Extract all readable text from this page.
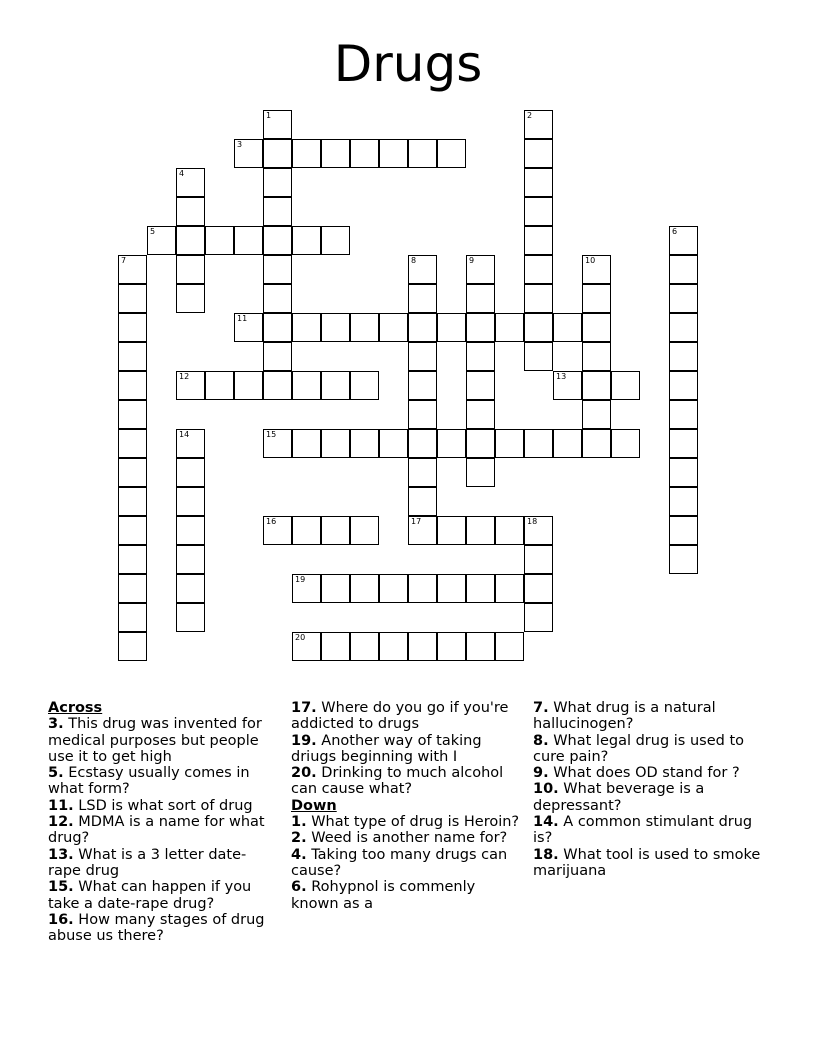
Drugs
1	2
3
4
5	6
7	8	9	10
11
12	13
14	15
16	17	18
19
20
Across
3. This drug was invented for medical purposes but people use it to get high
5. Ecstasy usually comes in what form?
11. LSD is what sort of drug
12. MDMA is a name for what drug?
13. What is a 3 letter date-rape drug
15. What can happen if you take a date-rape drug?
16. How many stages of drug abuse us there?
17. Where do you go if you're addicted to drugs
19. Another way of taking driugs beginning with I
20. Drinking to much alcohol can cause what?
Down
1. What type of drug is Heroin?
2. Weed is another name for?
4. Taking too many drugs can cause?
6. Rohypnol is commenly known as a
7. What drug is a natural hallucinogen?
8. What legal drug is used to cure pain?
9. What does OD stand for ?
10. What beverage is a depressant?
14. A common stimulant drug is?
18. What tool is used to smoke marijuana
